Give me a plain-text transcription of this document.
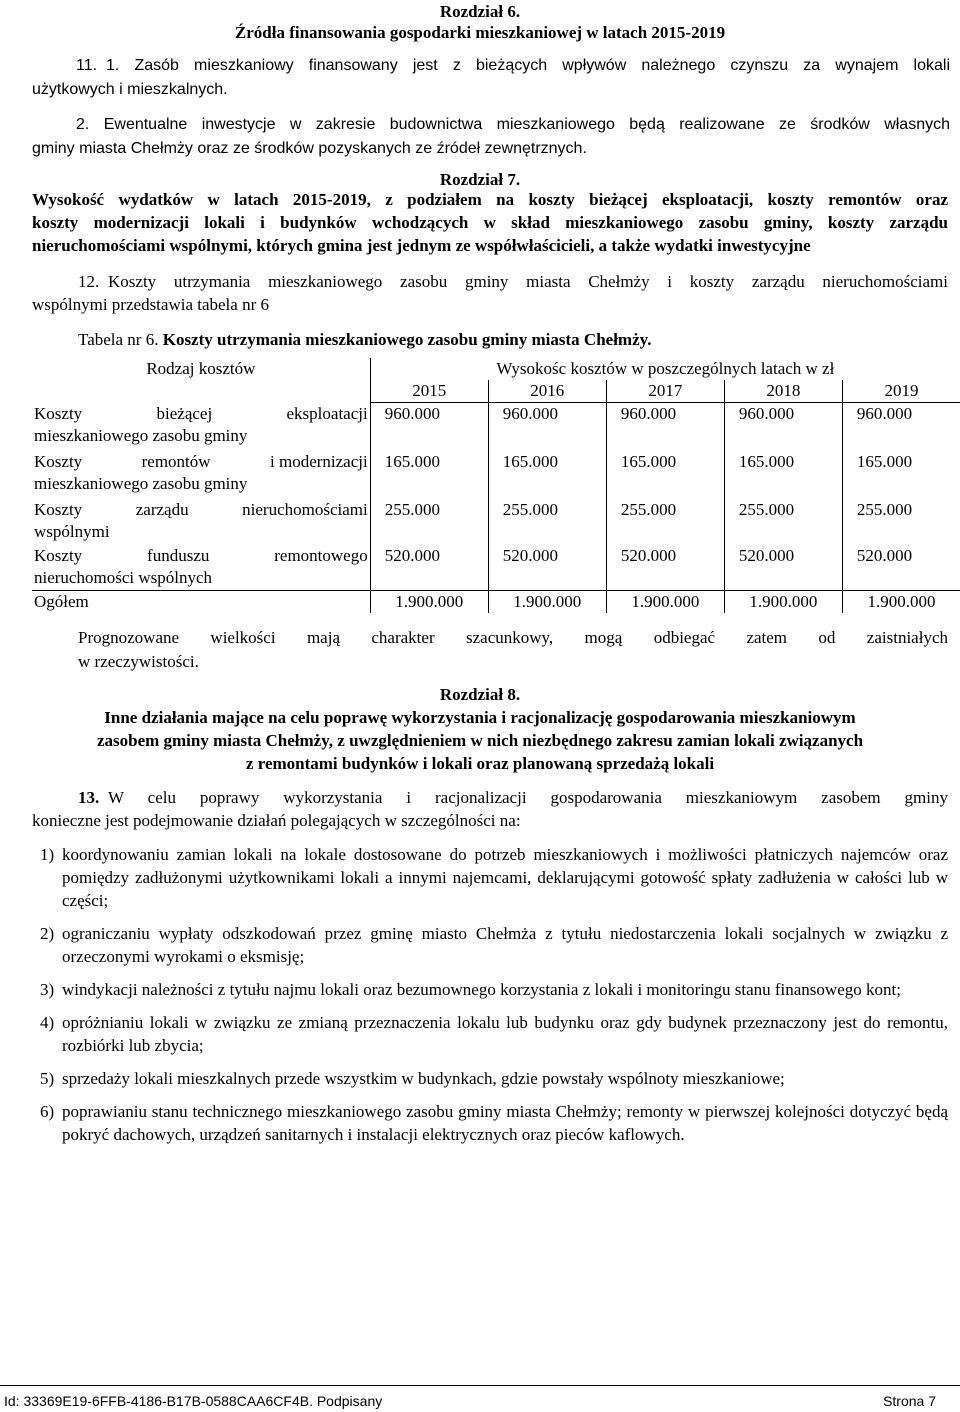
Rozdział 6.
Źródła finansowania gospodarki mieszkaniowej w latach 2015-2019
11. 1. Zasób mieszkaniowy finansowany jest z bieżących wpływów należnego czynszu za wynajem lokali
użytkowych i mieszkalnych.
2. Ewentualne inwestycje w zakresie budownictwa mieszkaniowego będą realizowane ze środków własnych
gminy miasta Chełmży oraz ze środków pozyskanych ze źródeł zewnętrznych.
Rozdział 7.
Wysokość wydatków w latach 2015-2019, z podziałem na koszty bieżącej eksploatacji, koszty remontów oraz
koszty modernizacji lokali i budynków wchodzących w skład mieszkaniowego zasobu gminy, koszty zarządu
nieruchomościami wspólnymi, których gmina jest jednym ze współwłaścicieli, a także wydatki inwestycyjne
12. Koszty utrzymania mieszkaniowego zasobu gminy miasta Chełmży i koszty zarządu nieruchomościami
wspólnymi przedstawia tabela nr 6
Tabela nr 6. Koszty utrzymania mieszkaniowego zasobu gminy miasta Chełmży.
Rodzaj kosztów	Wysokośc kosztów w poszczególnych latach w zł				
	2015	2016	2017	2018	2019

Koszty bieżącej eksploatacji
mieszkaniowego zasobu gminy	960.000	960.000	960.000	960.000	960.000

Koszty remontów i modernizacji
mieszkaniowego zasobu gminy	165.000	165.000	165.000	165.000	165.000

Koszty zarządu nieruchomościami
wspólnymi	255.000	255.000	255.000	255.000	255.000

Koszty funduszu remontowego
nieruchomości wspólnych	520.000	520.000	520.000	520.000	520.000
Ogółem	1.900.000	1.900.000	1.900.000	1.900.000	1.900.000
Prognozowane wielkości mają charakter szacunkowy, mogą odbiegać zatem od zaistniałych
w rzeczywistości.
Rozdział 8.
Inne działania mające na celu poprawę wykorzystania i racjonalizację gospodarowania mieszkaniowym
zasobem gminy miasta Chełmży, z uwzględnieniem w nich niezbędnego zakresu zamian lokali związanych
z remontami budynków i lokali oraz planowaną sprzedażą lokali
13. W celu poprawy wykorzystania i racjonalizacji gospodarowania mieszkaniowym zasobem gminy
konieczne jest podejmowanie działań polegających w szczególności na:
1) koordynowaniu zamian lokali na lokale dostosowane do potrzeb mieszkaniowych i możliwości płatniczych najemców oraz pomiędzy zadłużonymi użytkownikami lokali a innymi najemcami, deklarującymi gotowość spłaty zadłużenia w całości lub w części;
2) ograniczaniu wypłaty odszkodowań przez gminę miasto Chełmża z tytułu niedostarczenia lokali socjalnych w związku z orzeczonymi wyrokami o eksmisję;
3) windykacji należności z tytułu najmu lokali oraz bezumownego korzystania z lokali i monitoringu stanu finansowego kont;
4) opróżnianiu lokali w związku ze zmianą przeznaczenia lokalu lub budynku oraz gdy budynek przeznaczony jest do remontu, rozbiórki lub zbycia;
5) sprzedaży lokali mieszkalnych przede wszystkim w budynkach, gdzie powstały wspólnoty mieszkaniowe;
6) poprawianiu stanu technicznego mieszkaniowego zasobu gminy miasta Chełmży; remonty w pierwszej kolejności dotyczyć będą pokryć dachowych, urządzeń sanitarnych i instalacji elektrycznych oraz pieców kaflowych.
Id: 33369E19-6FFB-4186-B17B-0588CAA6CF4B. Podpisany	Strona 7
